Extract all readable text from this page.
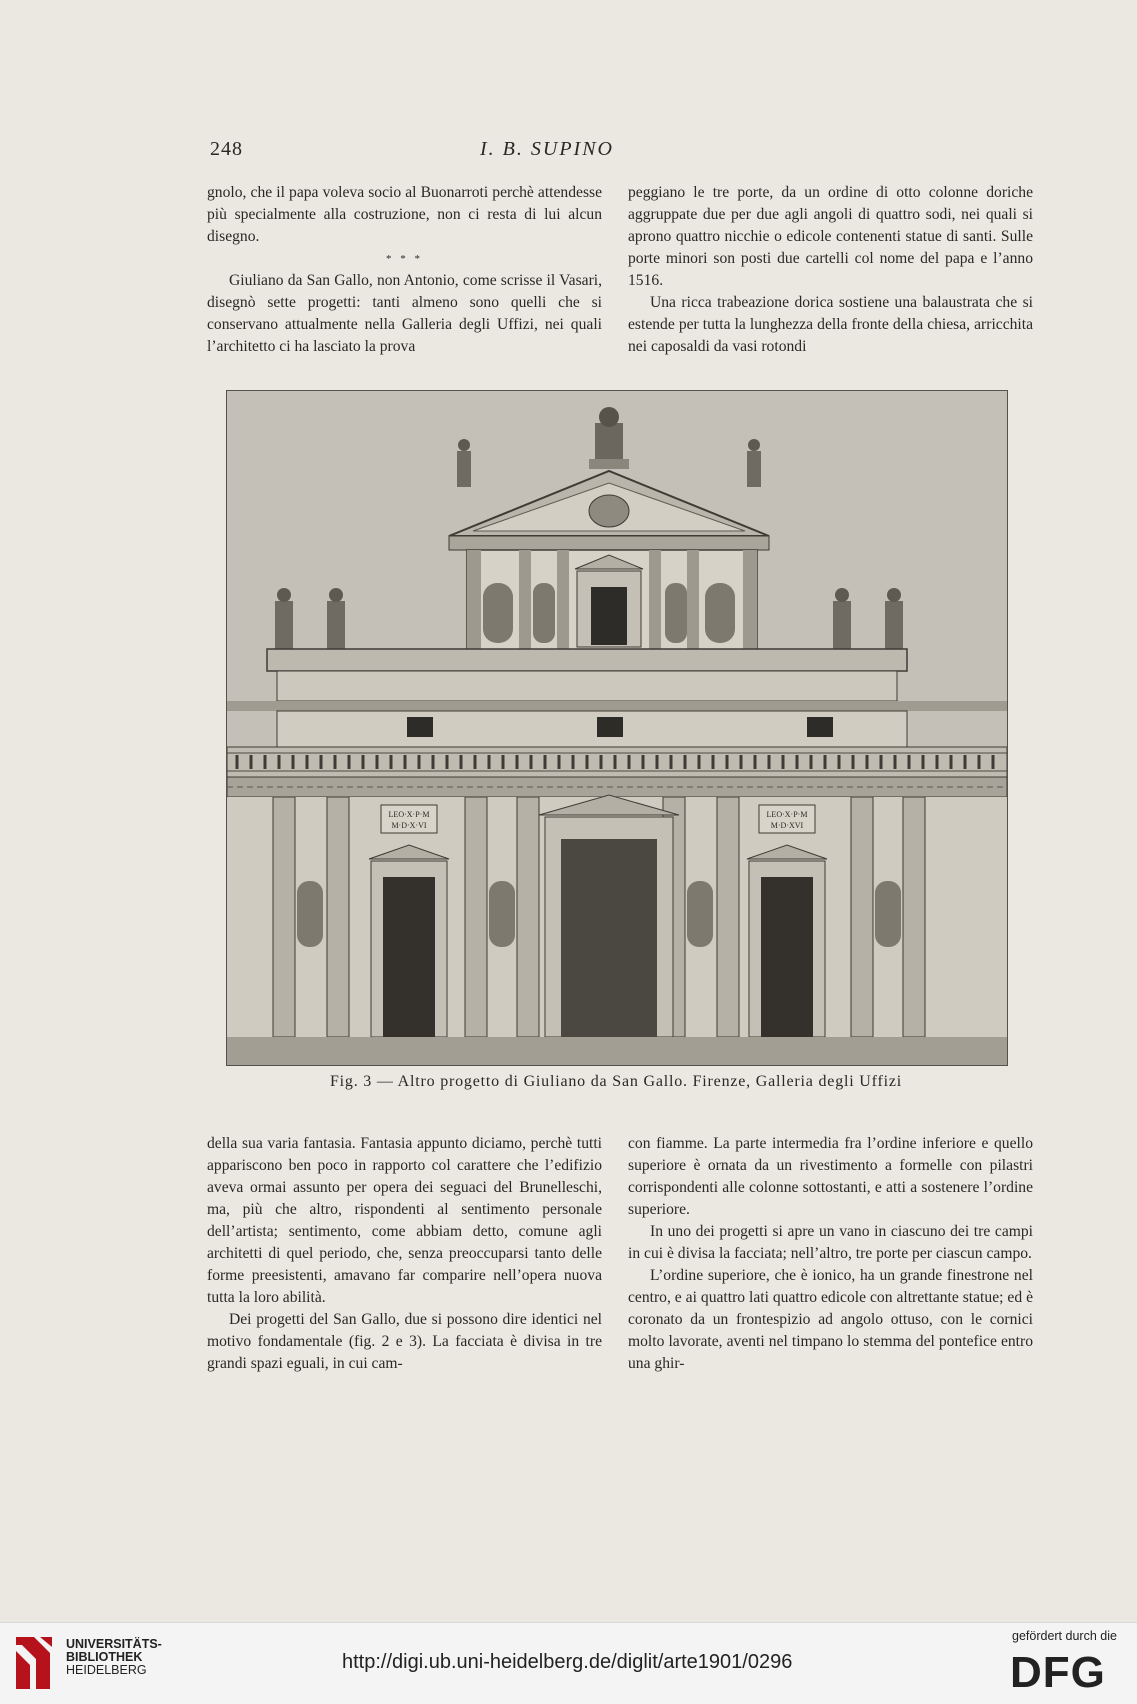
248	I. B. SUPINO

gnolo, che il papa voleva socio al Buonarroti perchè attendesse più specialmente alla costruzione, non ci resta di lui alcun disegno.

* * *

Giuliano da San Gallo, non Antonio, come scrisse il Vasari, disegnò sette progetti: tanti almeno sono quelli che si conservano attualmente nella Galleria degli Uffizi, nei quali l’architetto ci ha lasciato la prova

peggiano le tre porte, da un ordine di otto colonne doriche aggruppate due per due agli angoli di quattro sodi, nei quali si aprono quattro nicchie o edicole contenenti statue di santi. Sulle porte minori son posti due cartelli col nome del papa e l’anno 1516.

Una ricca trabeazione dorica sostiene una balaustrata che si estende per tutta la lunghezza della fronte della chiesa, arricchita nei caposaldi da vasi rotondi

LEO·X·P·M
M·D·X·VI
LEO·X·P·M
M·D·XVI
Fig. 3 — Altro progetto di Giuliano da San Gallo. Firenze, Galleria degli Uffizi

della sua varia fantasia. Fantasia appunto diciamo, perchè tutti appariscono ben poco in rapporto col carattere che l’edifizio aveva ormai assunto per opera dei seguaci del Brunelleschi, ma, più che altro, rispondenti al sentimento personale dell’artista; sentimento, come abbiam detto, comune agli architetti di quel periodo, che, senza preoccuparsi tanto delle forme preesistenti, amavano far comparire nell’opera nuova tutta la loro abilità.

Dei progetti del San Gallo, due si possono dire identici nel motivo fondamentale (fig. 2 e 3). La facciata è divisa in tre grandi spazi eguali, in cui cam-

con fiamme. La parte intermedia fra l’ordine inferiore e quello superiore è ornata da un rivestimento a formelle con pilastri corrispondenti alle colonne sottostanti, e atti a sostenere l’ordine superiore.

In uno dei progetti si apre un vano in ciascuno dei tre campi in cui è divisa la facciata; nell’altro, tre porte per ciascun campo.

L’ordine superiore, che è ionico, ha un grande finestrone nel centro, e ai quattro lati quattro edicole con altrettante statue; ed è coronato da un frontespizio ad angolo ottuso, con le cornici molto lavorate, aventi nel timpano lo stemma del pontefice entro una ghir-

UNIVERSITÄTS-
BIBLIOTHEK
HEIDELBERG	http://digi.ub.uni-heidelberg.de/diglit/arte1901/0296
gefördert durch die
DFG
